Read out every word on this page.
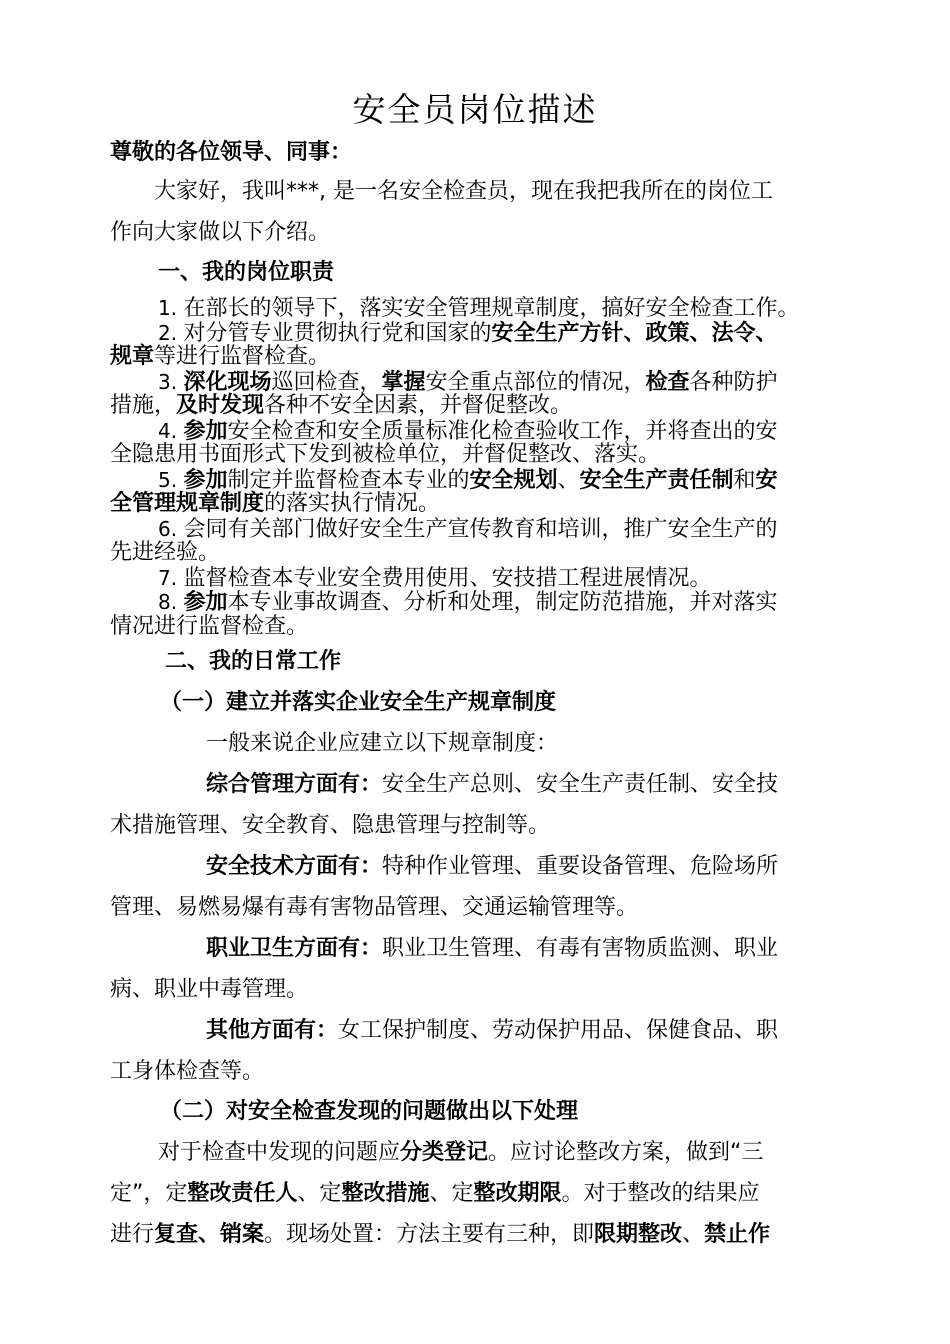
安全员岗位描述
尊敬的各位领导、同事：
大家好，我叫***, 是一名安全检查员，现在我把我所在的岗位工
作向大家做以下介绍。
一、我的岗位职责
1. 在部长的领导下，落实安全管理规章制度，搞好安全检查工作。
2. 对分管专业贯彻执行党和国家的安全生产方针、政策、法令、
规章等进行监督检查。
3. 深化现场巡回检查，掌握安全重点部位的情况，检查各种防护
措施，及时发现各种不安全因素，并督促整改。
4. 参加安全检查和安全质量标准化检查验收工作，并将查出的安
全隐患用书面形式下发到被检单位，并督促整改、落实。
5. 参加制定并监督检查本专业的安全规划、安全生产责任制和安
全管理规章制度的落实执行情况。
6. 会同有关部门做好安全生产宣传教育和培训，推广安全生产的
先进经验。
7. 监督检查本专业安全费用使用、安技措工程进展情况。
8. 参加本专业事故调查、分析和处理，制定防范措施，并对落实
情况进行监督检查。
二、我的日常工作
（一）建立并落实企业安全生产规章制度
一般来说企业应建立以下规章制度：
综合管理方面有：安全生产总则、安全生产责任制、安全技
术措施管理、安全教育、隐患管理与控制等。
安全技术方面有：特种作业管理、重要设备管理、危险场所
管理、易燃易爆有毒有害物品管理、交通运输管理等。
职业卫生方面有：职业卫生管理、有毒有害物质监测、职业
病、职业中毒管理。
其他方面有：女工保护制度、劳动保护用品、保健食品、职
工身体检查等。
（二）对安全检查发现的问题做出以下处理
对于检查中发现的问题应分类登记。应讨论整改方案，做到“三
定”，定整改责任人、定整改措施、定整改期限。对于整改的结果应
进行复查、销案。现场处置：方法主要有三种，即限期整改、禁止作
